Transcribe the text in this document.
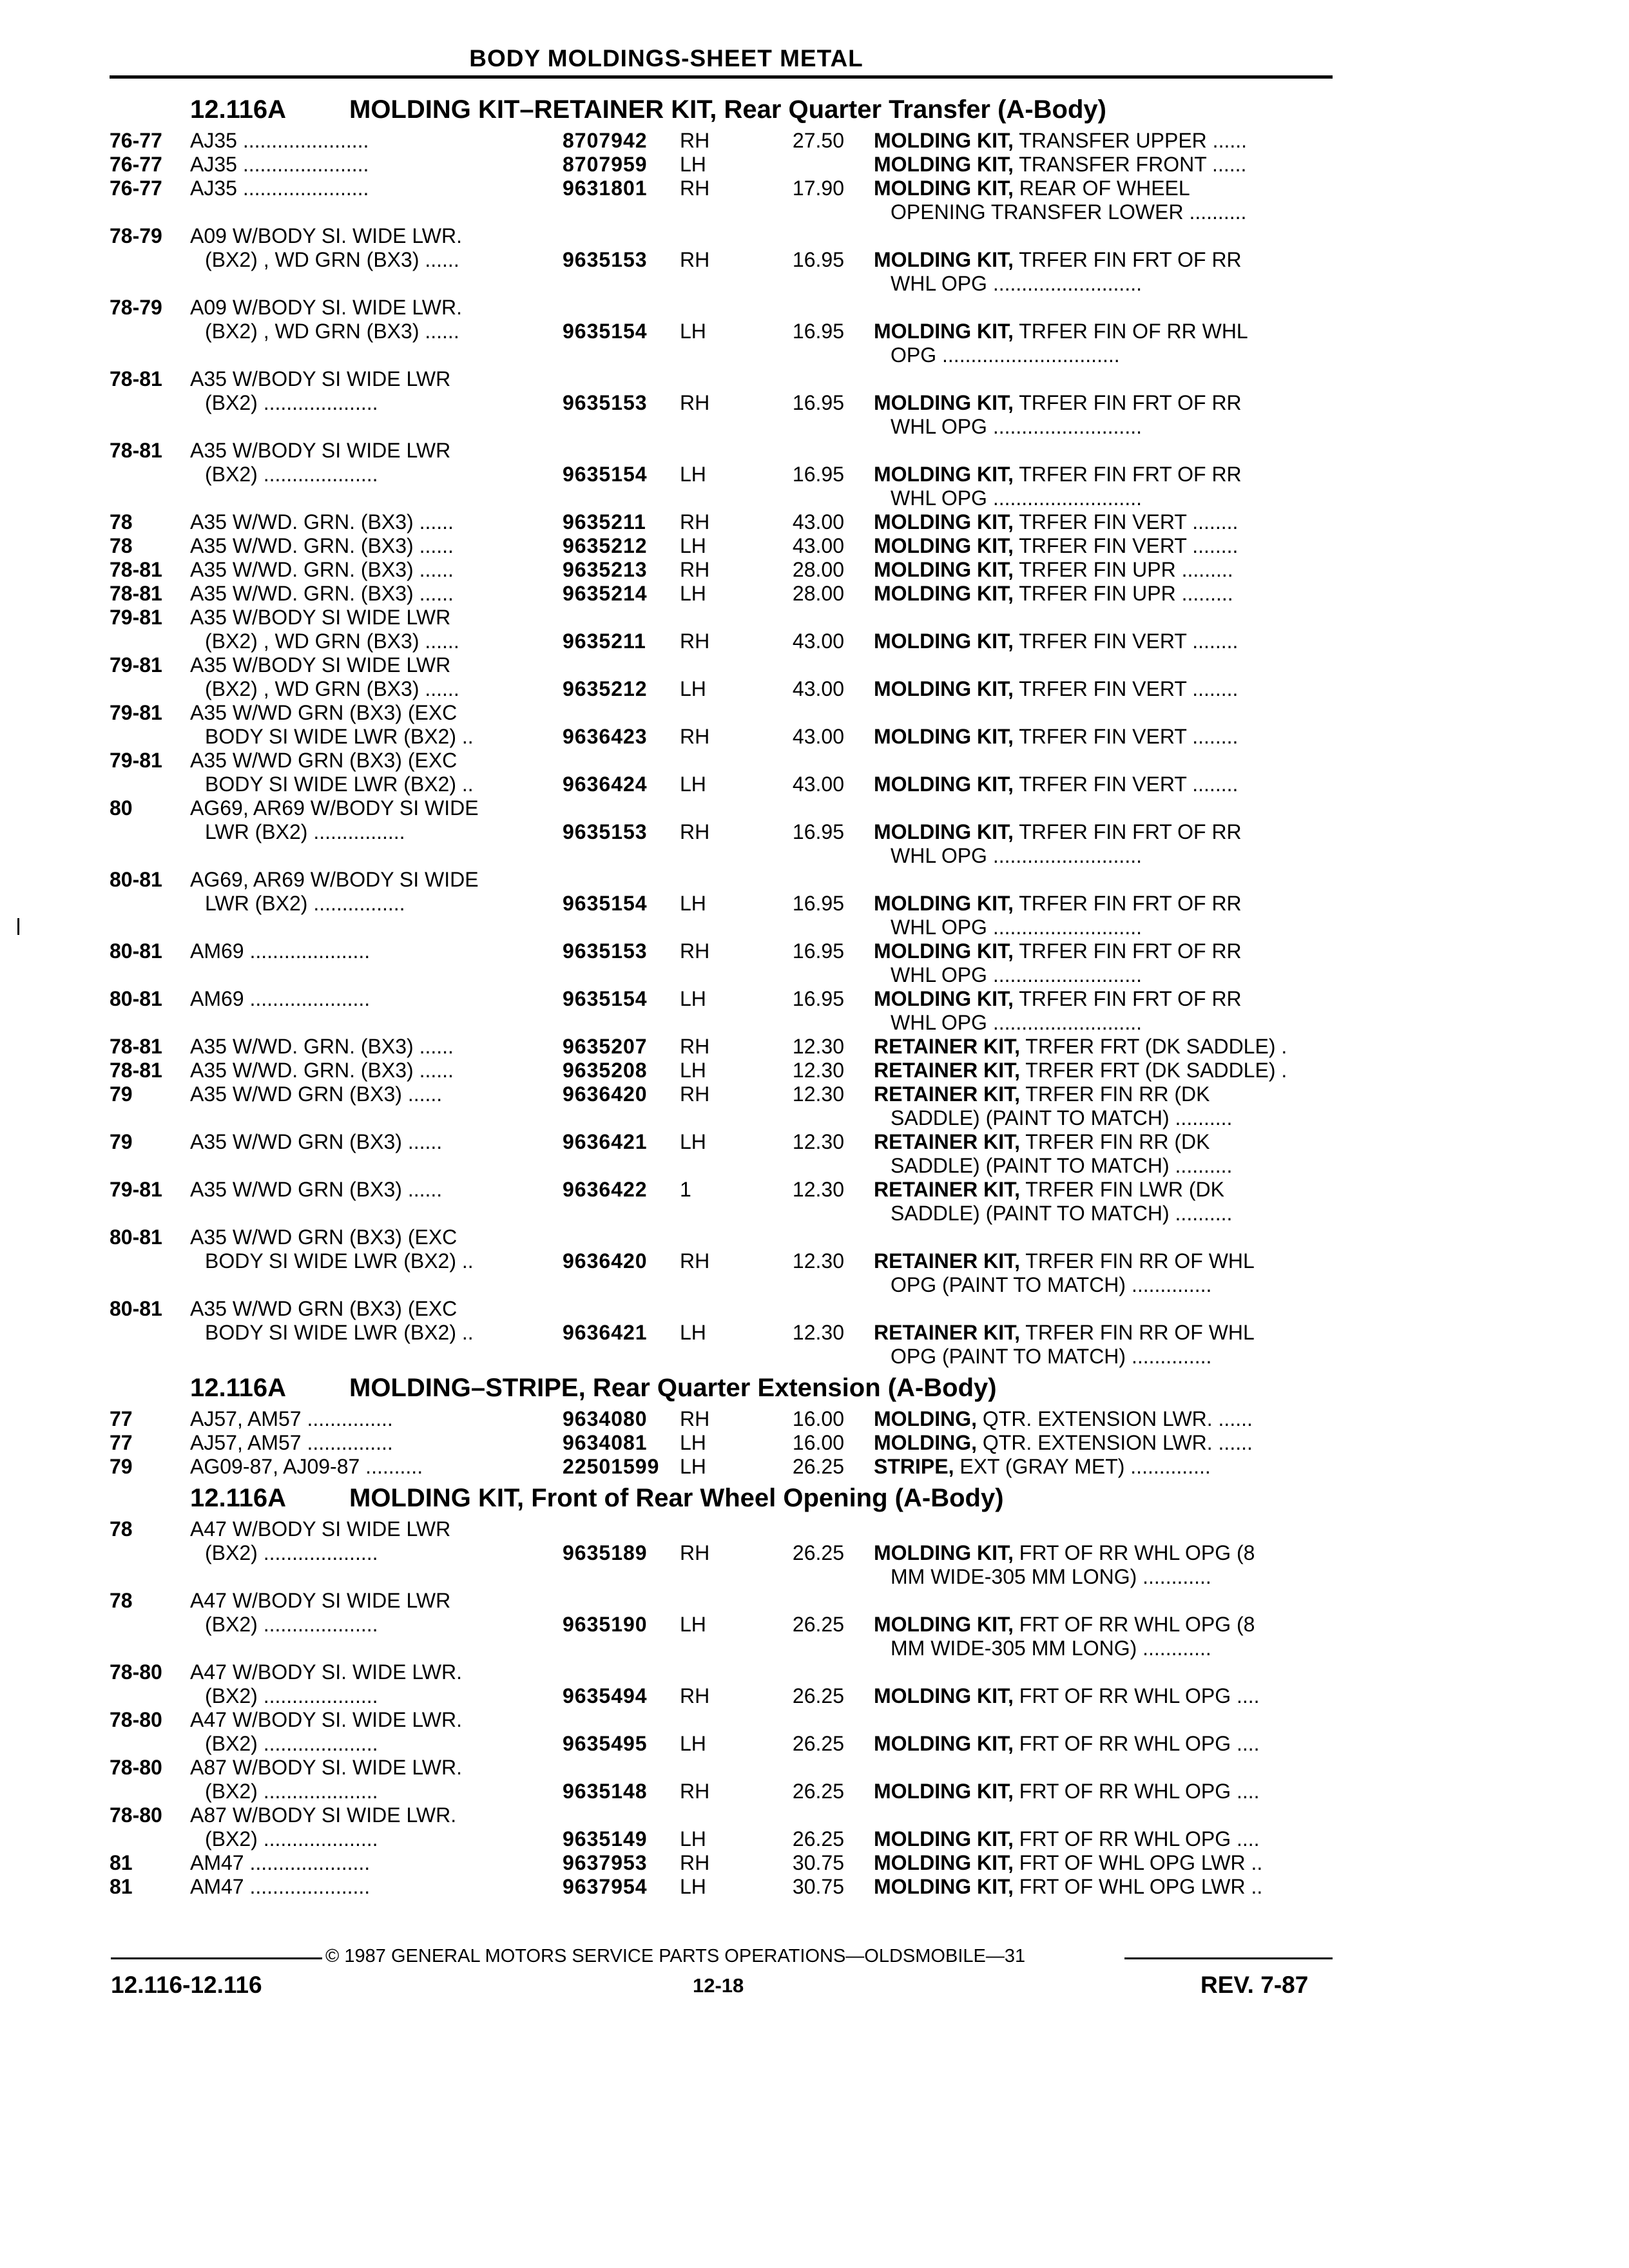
BODY MOLDINGS-SHEET METAL
12.116A MOLDING KIT–RETAINER KIT, Rear Quarter Transfer (A-Body)
76-77 AJ35 ......................	8707942 RH	27.50 MOLDING KIT, TRANSFER UPPER ......
76-77 AJ35 ......................	8707959 LH	MOLDING KIT, TRANSFER FRONT ......
76-77 AJ35 ......................	9631801 RH	17.90 MOLDING KIT, REAR OF WHEEL
OPENING TRANSFER LOWER ..........
78-79 A09 W/BODY SI. WIDE LWR.
(BX2) , WD GRN (BX3) ......	9635153 RH	16.95 MOLDING KIT, TRFER FIN FRT OF RR
WHL OPG ..........................
78-79 A09 W/BODY SI. WIDE LWR.
(BX2) , WD GRN (BX3) ......	9635154 LH	16.95 MOLDING KIT, TRFER FIN OF RR WHL
OPG ...............................
78-81 A35 W/BODY SI WIDE LWR
(BX2) ....................	9635153 RH	16.95 MOLDING KIT, TRFER FIN FRT OF RR
WHL OPG ..........................
78-81 A35 W/BODY SI WIDE LWR
(BX2) ....................	9635154 LH	16.95 MOLDING KIT, TRFER FIN FRT OF RR
WHL OPG ..........................
78	A35 W/WD. GRN. (BX3) ......	9635211 RH	43.00 MOLDING KIT, TRFER FIN VERT ........
78	A35 W/WD. GRN. (BX3) ......	9635212 LH	43.00 MOLDING KIT, TRFER FIN VERT ........
78-81 A35 W/WD. GRN. (BX3) ......	9635213 RH	28.00 MOLDING KIT, TRFER FIN UPR .........
78-81 A35 W/WD. GRN. (BX3) ......	9635214 LH	28.00 MOLDING KIT, TRFER FIN UPR .........
79-81 A35 W/BODY SI WIDE LWR
(BX2) , WD GRN (BX3) ......	9635211 RH	43.00 MOLDING KIT, TRFER FIN VERT ........
79-81 A35 W/BODY SI WIDE LWR
(BX2) , WD GRN (BX3) ......	9635212 LH	43.00 MOLDING KIT, TRFER FIN VERT ........
79-81 A35 W/WD GRN (BX3) (EXC
BODY SI WIDE LWR (BX2) ..	9636423 RH	43.00 MOLDING KIT, TRFER FIN VERT ........
79-81 A35 W/WD GRN (BX3) (EXC
BODY SI WIDE LWR (BX2) ..	9636424 LH	43.00 MOLDING KIT, TRFER FIN VERT ........
80	AG69, AR69 W/BODY SI WIDE
LWR (BX2) ................	9635153 RH	16.95 MOLDING KIT, TRFER FIN FRT OF RR
WHL OPG ..........................
80-81 AG69, AR69 W/BODY SI WIDE
LWR (BX2) ................	9635154 LH	16.95 MOLDING KIT, TRFER FIN FRT OF RR
WHL OPG ..........................
80-81 AM69 .....................	9635153 RH	16.95 MOLDING KIT, TRFER FIN FRT OF RR
WHL OPG ..........................
80-81 AM69 .....................	9635154 LH	16.95 MOLDING KIT, TRFER FIN FRT OF RR
WHL OPG ..........................
78-81 A35 W/WD. GRN. (BX3) ......	9635207 RH	12.30 RETAINER KIT, TRFER FRT (DK SADDLE) .
78-81 A35 W/WD. GRN. (BX3) ......	9635208 LH	12.30 RETAINER KIT, TRFER FRT (DK SADDLE) .
79	A35 W/WD GRN (BX3) ......	9636420 RH	12.30 RETAINER KIT, TRFER FIN RR (DK
SADDLE) (PAINT TO MATCH) ..........
79	A35 W/WD GRN (BX3) ......	9636421 LH	12.30 RETAINER KIT, TRFER FIN RR (DK
SADDLE) (PAINT TO MATCH) ..........
79-81 A35 W/WD GRN (BX3) ......	9636422 1	12.30 RETAINER KIT, TRFER FIN LWR (DK
SADDLE) (PAINT TO MATCH) ..........
80-81 A35 W/WD GRN (BX3) (EXC
BODY SI WIDE LWR (BX2) ..	9636420 RH	12.30 RETAINER KIT, TRFER FIN RR OF WHL
OPG (PAINT TO MATCH) ..............
80-81 A35 W/WD GRN (BX3) (EXC
BODY SI WIDE LWR (BX2) ..	9636421 LH	12.30 RETAINER KIT, TRFER FIN RR OF WHL
OPG (PAINT TO MATCH) ..............
12.116A MOLDING–STRIPE, Rear Quarter Extension (A-Body)
77	AJ57, AM57 ...............	9634080 RH	16.00 MOLDING, QTR. EXTENSION LWR. ......
77	AJ57, AM57 ...............	9634081 LH	16.00 MOLDING, QTR. EXTENSION LWR. ......
79	AG09-87, AJ09-87 ..........	22501599 LH	26.25 STRIPE, EXT (GRAY MET) ..............
12.116A MOLDING KIT, Front of Rear Wheel Opening (A-Body)
78	A47 W/BODY SI WIDE LWR
(BX2) ....................	9635189 RH	26.25 MOLDING KIT, FRT OF RR WHL OPG (8
MM WIDE-305 MM LONG) ............
78	A47 W/BODY SI WIDE LWR
(BX2) ....................	9635190 LH	26.25 MOLDING KIT, FRT OF RR WHL OPG (8
MM WIDE-305 MM LONG) ............
78-80 A47 W/BODY SI. WIDE LWR.
(BX2) ....................	9635494 RH	26.25 MOLDING KIT, FRT OF RR WHL OPG ....
78-80 A47 W/BODY SI. WIDE LWR.
(BX2) ....................	9635495 LH	26.25 MOLDING KIT, FRT OF RR WHL OPG ....
78-80 A87 W/BODY SI. WIDE LWR.
(BX2) ....................	9635148 RH	26.25 MOLDING KIT, FRT OF RR WHL OPG ....
78-80 A87 W/BODY SI WIDE LWR.
(BX2) ....................	9635149 LH	26.25 MOLDING KIT, FRT OF RR WHL OPG ....
81	AM47 .....................	9637953 RH	30.75 MOLDING KIT, FRT OF WHL OPG LWR ..
81	AM47 .....................	9637954 LH	30.75 MOLDING KIT, FRT OF WHL OPG LWR ..
© 1987 GENERAL MOTORS SERVICE PARTS OPERATIONS—OLDSMOBILE—31
12.116-12.116	12-18	REV. 7-87
